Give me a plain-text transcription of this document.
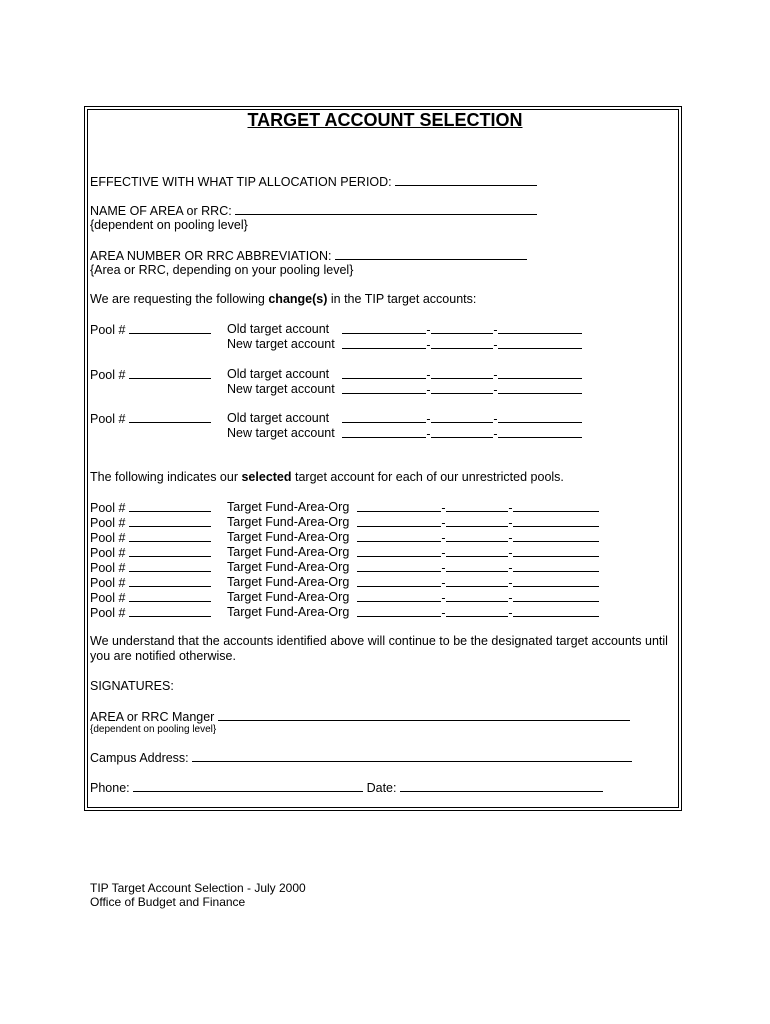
TARGET ACCOUNT SELECTION
EFFECTIVE WITH WHAT TIP ALLOCATION PERIOD:
NAME OF AREA or RRC:
{dependent on pooling level}
AREA NUMBER OR RRC ABBREVIATION:
{Area or RRC, depending on your pooling level}
We are requesting the following change(s) in the TIP target accounts:
Pool #	Old target account	-	-
New target account	-	-
Pool #	Old target account	-	-
New target account	-	-
Pool #	Old target account	-	-
New target account	-	-
The following indicates our selected target account for each of our unrestricted pools.
Pool #	Target Fund-Area-Org	-	-
Pool #	Target Fund-Area-Org	-	-
Pool #	Target Fund-Area-Org	-	-
Pool #	Target Fund-Area-Org	-	-
Pool #	Target Fund-Area-Org	-	-
Pool #	Target Fund-Area-Org	-	-
Pool #	Target Fund-Area-Org	-	-
Pool #	Target Fund-Area-Org	-	-
We understand that the accounts identified above will continue to be the designated target accounts until
you are notified otherwise.
SIGNATURES:
AREA or RRC Manger
{dependent on pooling level}
Campus Address:
Phone:	Date:
TIP Target Account Selection - July 2000
Office of Budget and Finance
